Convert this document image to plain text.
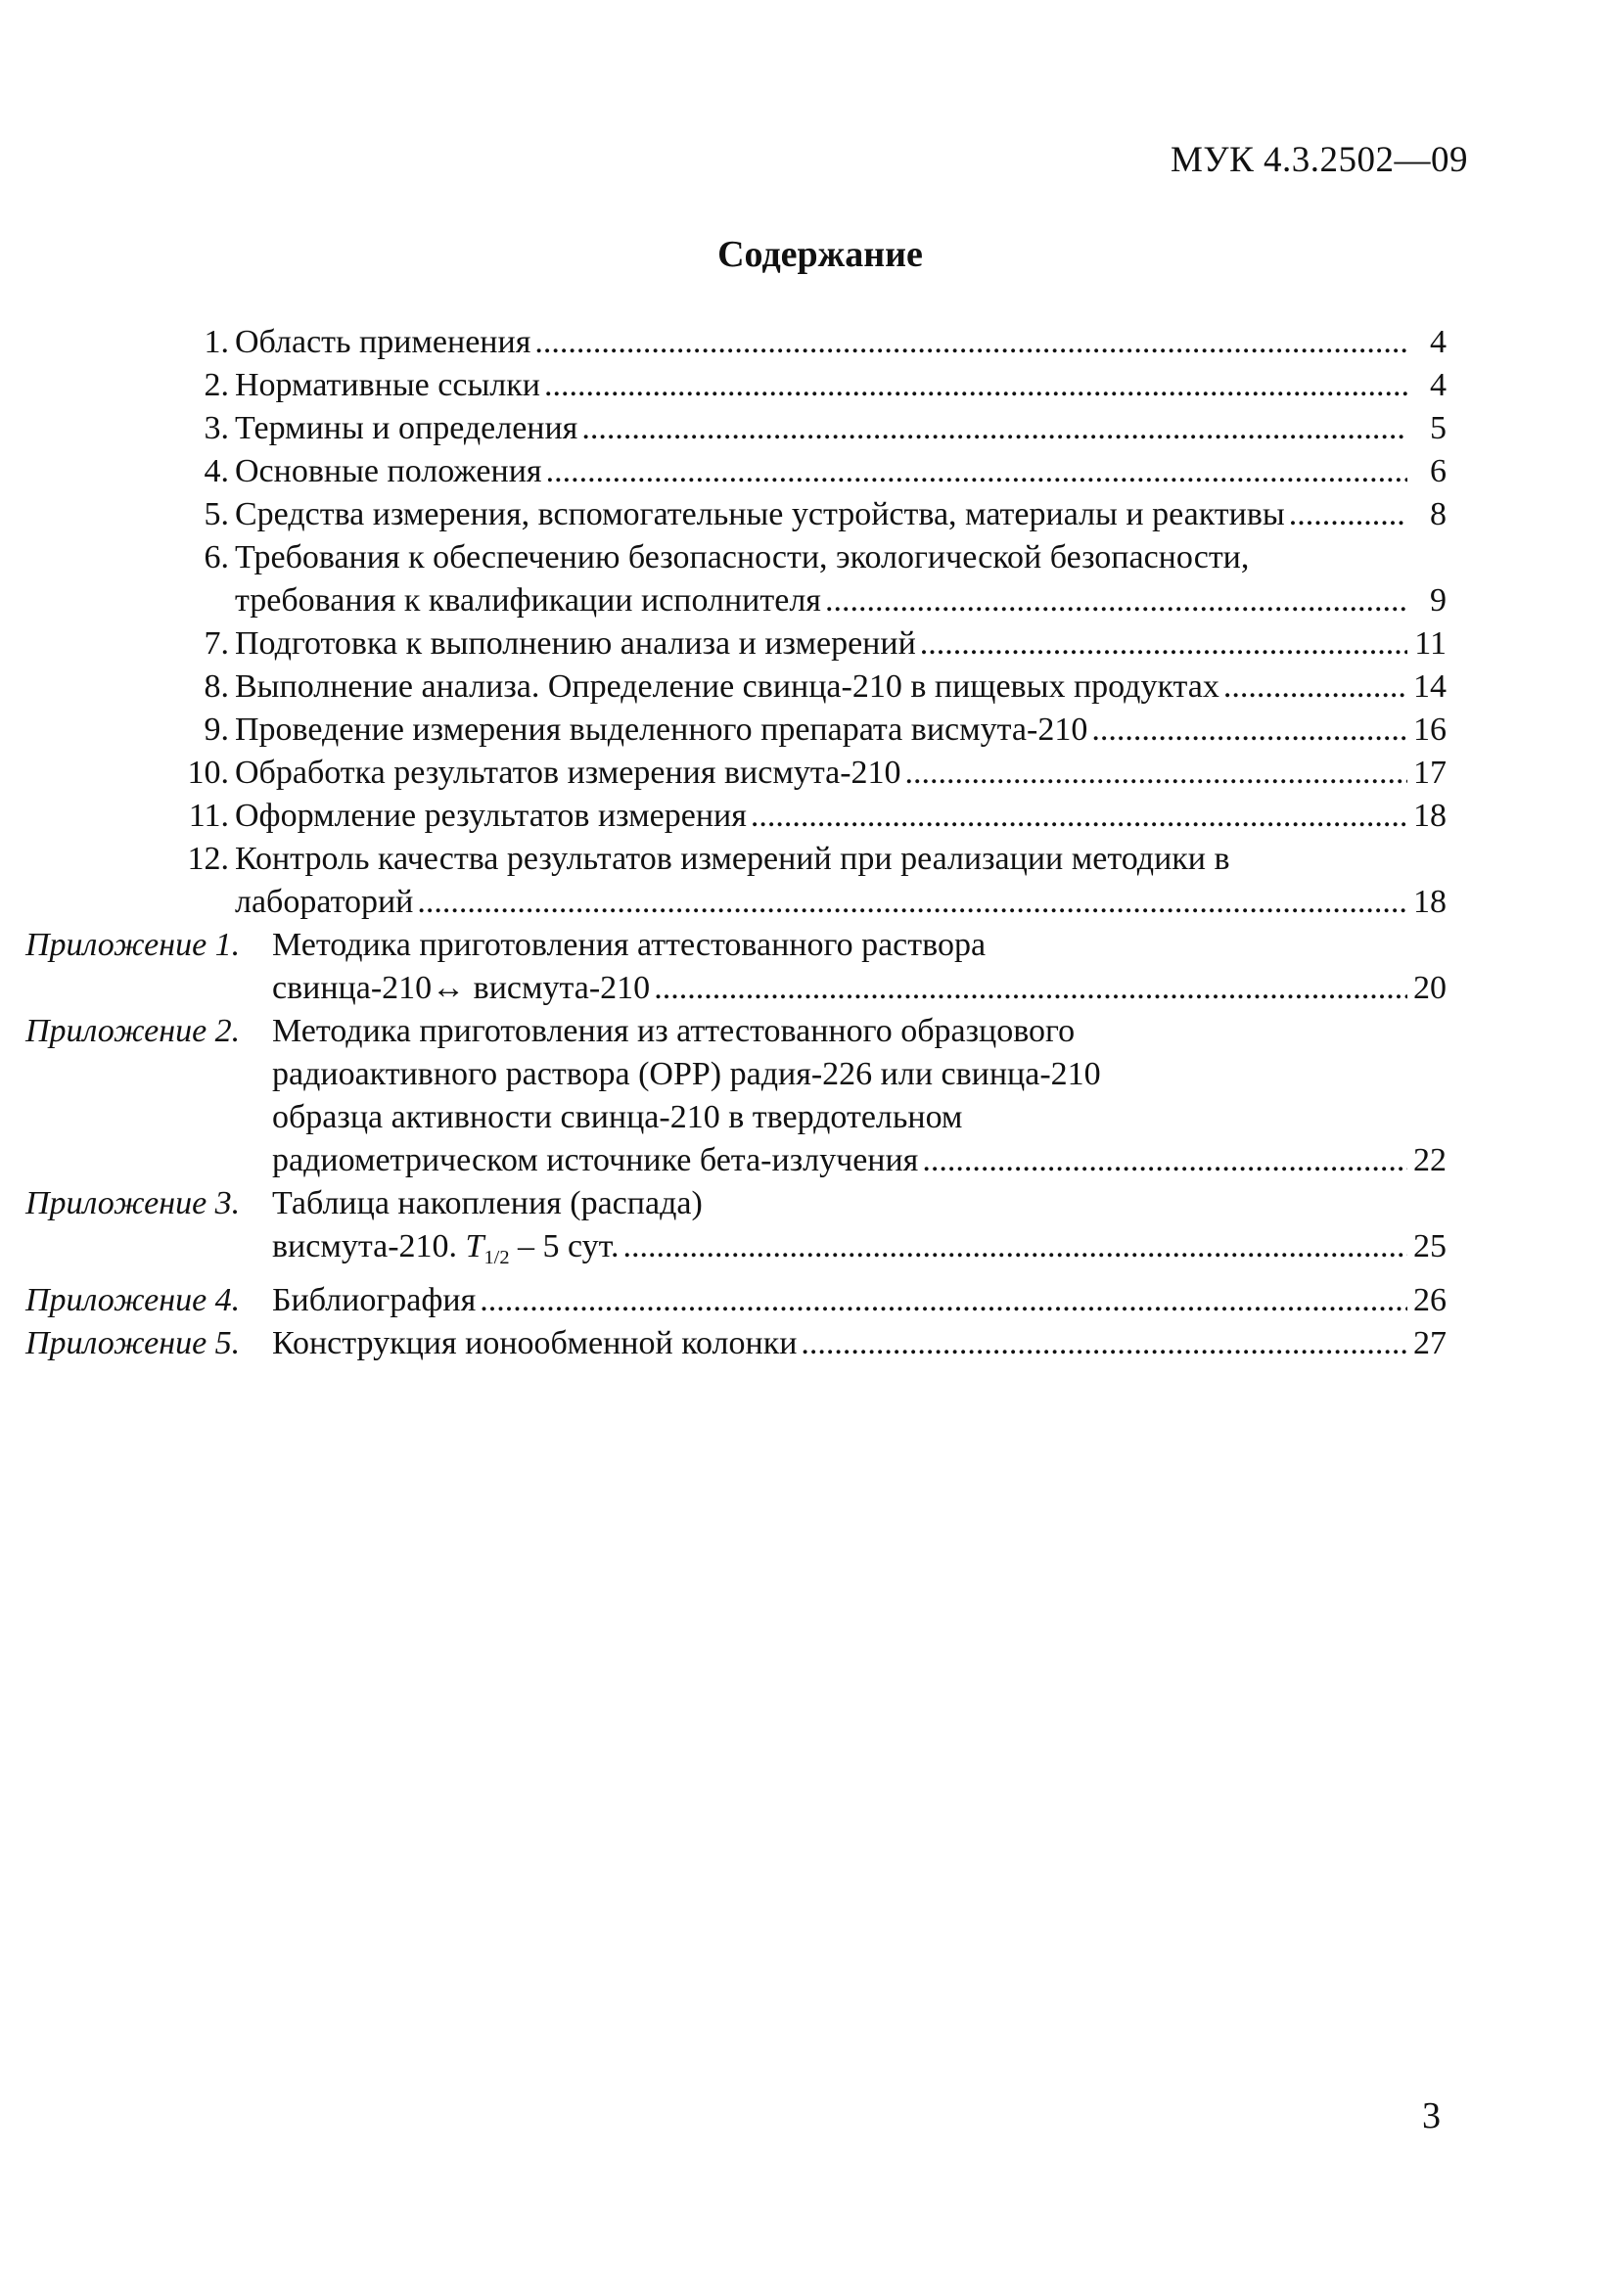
МУК 4.3.2502—09
Содержание
1. Область применения .....	4
2. Нормативные ссылки .....	4
3. Термины и определения .....	5
4. Основные положения .....	6
5. Средства измерения, вспомогательные устройства, материалы и реактивы .....	8
6. Требования к обеспечению безопасности, экологической безопасности,
требования к квалификации исполнителя .....	9
7. Подготовка к выполнению анализа и измерений .....	11
8. Выполнение анализа. Определение свинца-210 в пищевых продуктах .....	14
9. Проведение измерения выделенного препарата висмута-210 .....	16
10. Обработка результатов измерения висмута-210 .....	17
11. Оформление результатов измерения .....	18
12. Контроль качества результатов измерений при реализации методики в
лабораторий .....	18
Приложение 1. Методика приготовления аттестованного раствора
свинца-210↔ висмута-210 .....	20
Приложение 2. Методика приготовления из аттестованного образцового
радиоактивного раствора (ОРР) радия-226 или свинца-210
образца активности свинца-210 в твердотельном
радиометрическом источнике бета-излучения .....	22
Приложение 3. Таблица накопления (распада)
висмута-210. $T_{1/2} - 5$ сут. .....	25
Приложение 4. Библиография .....	26
Приложение 5. Конструкция ионообменной колонки .....	27
3
